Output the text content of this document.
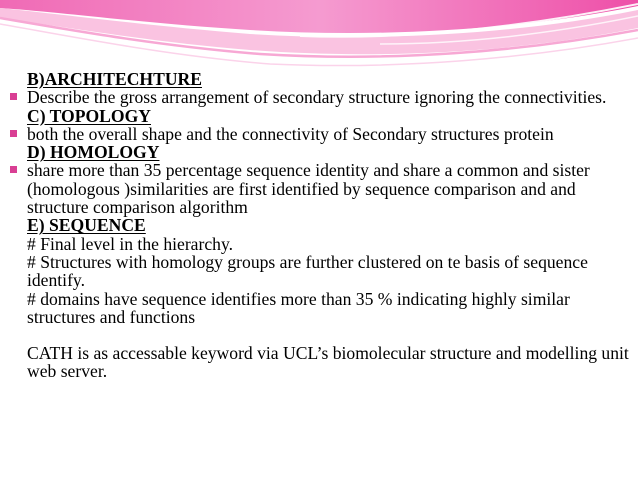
B)ARCHITECHTURE
Describe the gross arrangement of secondary structure ignoring the connectivities.
C) TOPOLOGY
both the overall shape and the connectivity of Secondary structures protein
D) HOMOLOGY
share more than 35 percentage sequence identity and share a common and sister (homologous )similarities are first identified by sequence comparison and and structure comparison algorithm
E) SEQUENCE
# Final level in the hierarchy.
# Structures with homology groups are further clustered on te basis of sequence identify.
# domains have sequence identifies more than 35 % indicating highly similar structures and functions
CATH is as accessable keyword via UCL’s biomolecular structure and modelling unit web server.
